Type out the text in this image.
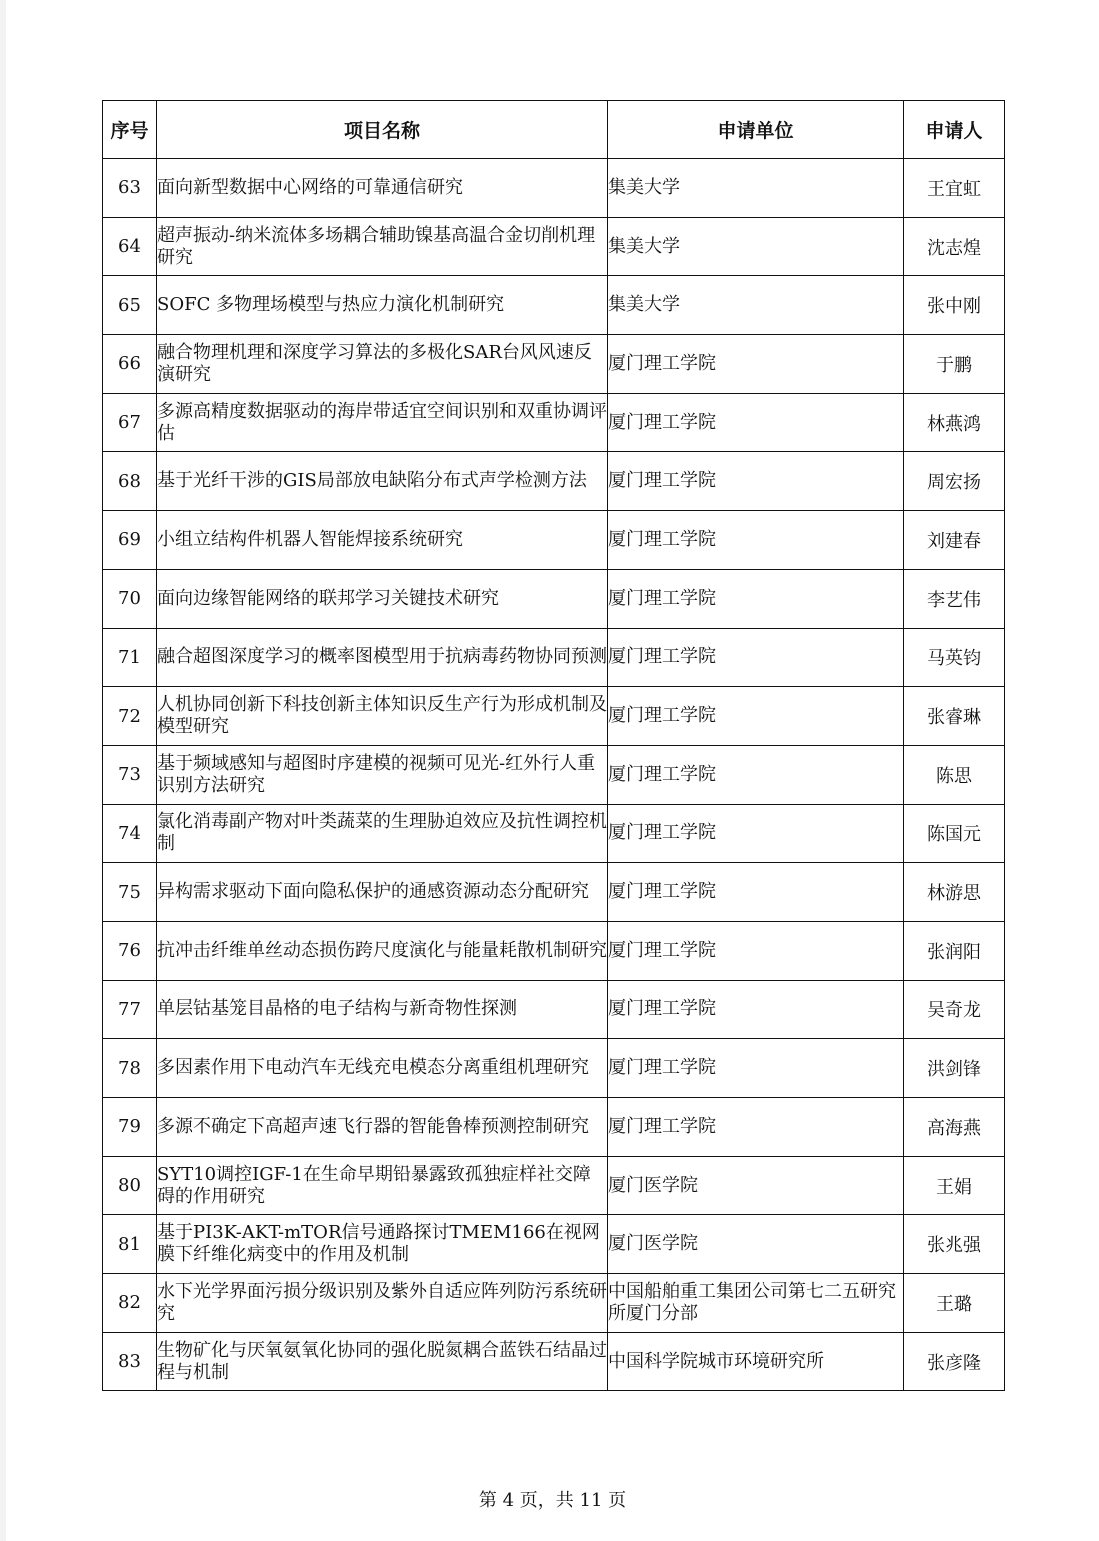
序号	项目名称	申请单位	申请人
63	面向新型数据中心网络的可靠通信研究	集美大学	王宜虹
64	超声振动-纳米流体多场耦合辅助镍基高温合金切削机理研究	集美大学	沈志煌
65	SOFC 多物理场模型与热应力演化机制研究	集美大学	张中刚
66	融合物理机理和深度学习算法的多极化SAR台风风速反演研究	厦门理工学院	于鹏
67	多源高精度数据驱动的海岸带适宜空间识别和双重协调评估	厦门理工学院	林燕鸿
68	基于光纤干涉的GIS局部放电缺陷分布式声学检测方法	厦门理工学院	周宏扬
69	小组立结构件机器人智能焊接系统研究	厦门理工学院	刘建春
70	面向边缘智能网络的联邦学习关键技术研究	厦门理工学院	李艺伟
71	融合超图深度学习的概率图模型用于抗病毒药物协同预测	厦门理工学院	马英钧
72	人机协同创新下科技创新主体知识反生产行为形成机制及模型研究	厦门理工学院	张睿琳
73	基于频域感知与超图时序建模的视频可见光-红外行人重识别方法研究	厦门理工学院	陈思
74	氯化消毒副产物对叶类蔬菜的生理胁迫效应及抗性调控机制	厦门理工学院	陈国元
75	异构需求驱动下面向隐私保护的通感资源动态分配研究	厦门理工学院	林游思
76	抗冲击纤维单丝动态损伤跨尺度演化与能量耗散机制研究	厦门理工学院	张润阳
77	单层钴基笼目晶格的电子结构与新奇物性探测	厦门理工学院	吴奇龙
78	多因素作用下电动汽车无线充电模态分离重组机理研究	厦门理工学院	洪剑锋
79	多源不确定下高超声速飞行器的智能鲁棒预测控制研究	厦门理工学院	高海燕
80	SYT10调控IGF-1在生命早期铅暴露致孤独症样社交障碍的作用研究	厦门医学院	王娟
81	基于PI3K-AKT-mTOR信号通路探讨TMEM166在视网膜下纤维化病变中的作用及机制	厦门医学院	张兆强
82	水下光学界面污损分级识别及紫外自适应阵列防污系统研究	中国船舶重工集团公司第七二五研究所厦门分部	王璐
83	生物矿化与厌氧氨氧化协同的强化脱氮耦合蓝铁石结晶过程与机制	中国科学院城市环境研究所	张彦隆
第 4 页，共 11 页
